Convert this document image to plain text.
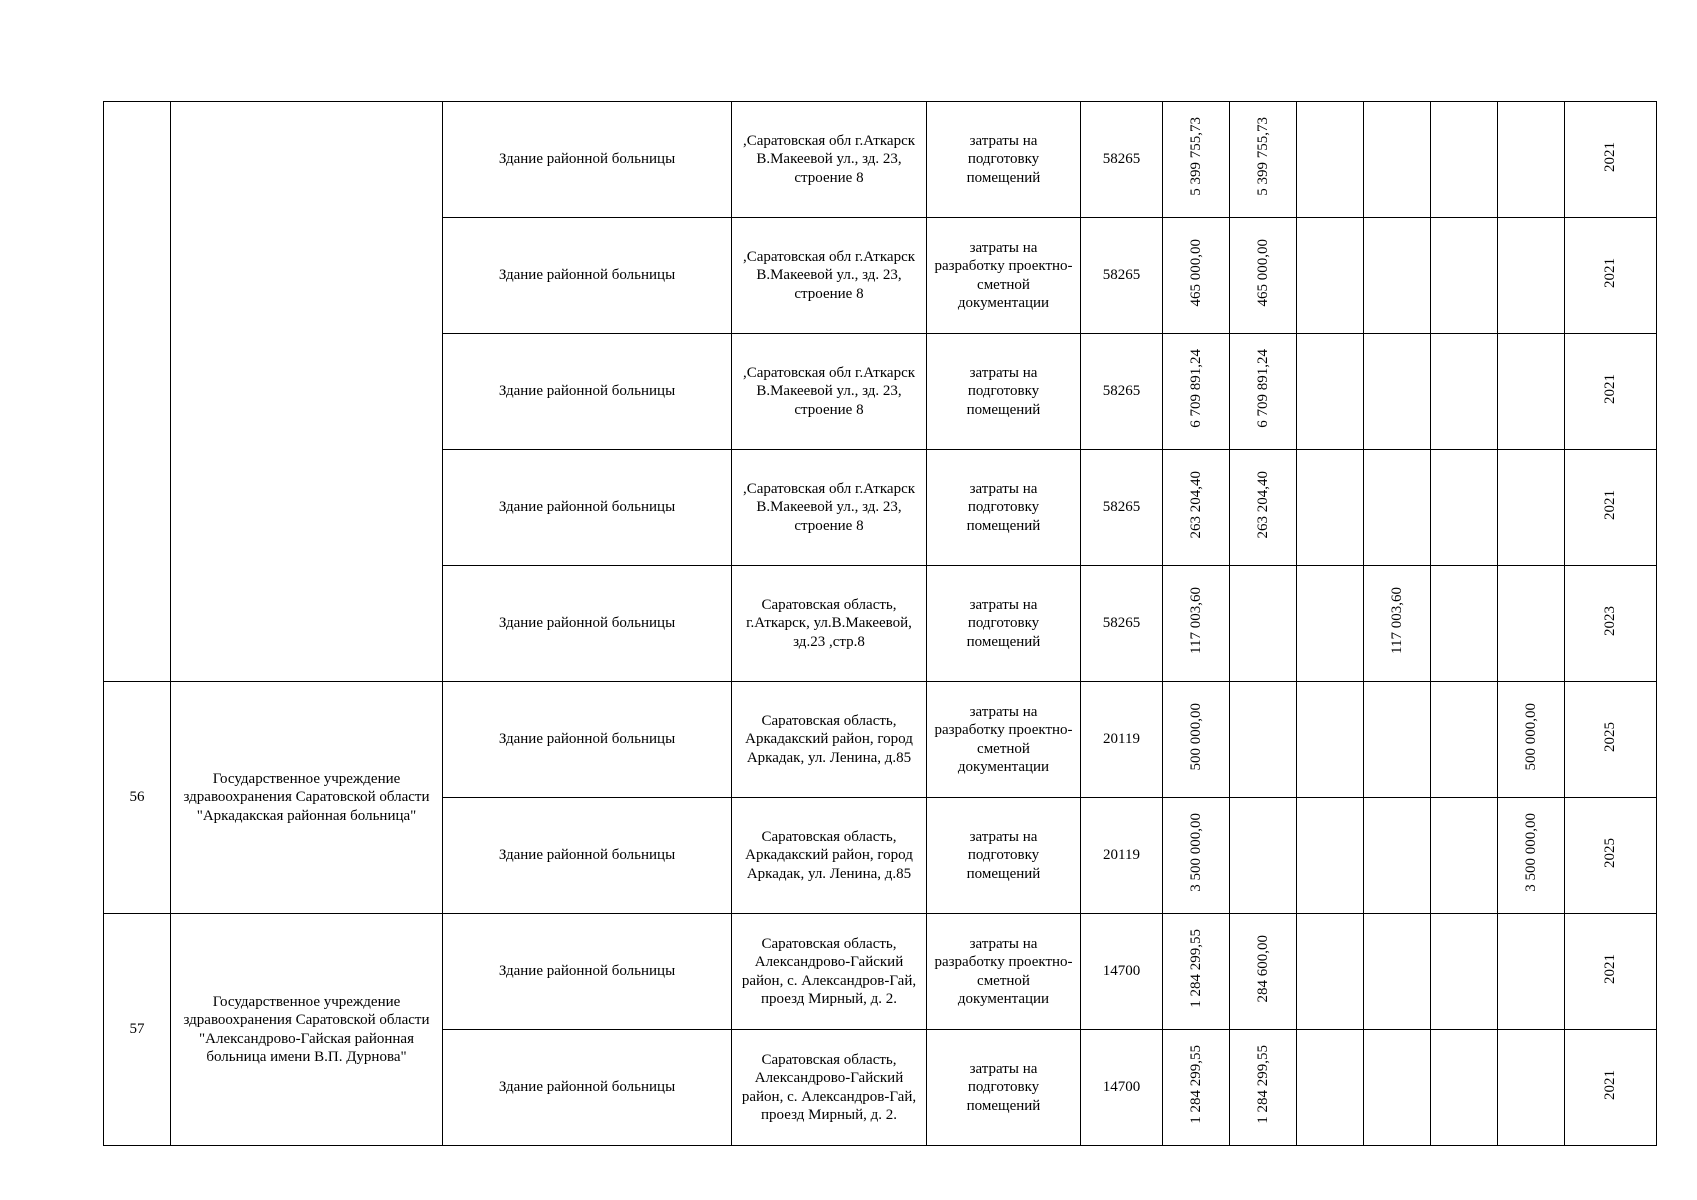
		Здание районной больницы	,Саратовская обл г.Аткарск В.Макеевой ул., зд. 23, строение 8	затраты на подготовку помещений	58265	5 399 755,73	5 399 755,73					2021
		Здание районной больницы	,Саратовская обл г.Аткарск В.Макеевой ул., зд. 23, строение 8	затраты на разработку проектно-сметной документации	58265	465 000,00	465 000,00					2021
		Здание районной больницы	,Саратовская обл г.Аткарск В.Макеевой ул., зд. 23, строение 8	затраты на подготовку помещений	58265	6 709 891,24	6 709 891,24					2021
		Здание районной больницы	,Саратовская обл г.Аткарск В.Макеевой ул., зд. 23, строение 8	затраты на подготовку помещений	58265	263 204,40	263 204,40					2021
		Здание районной больницы	Саратовская область, г.Аткарск, ул.В.Макеевой, зд.23 ,стр.8	затраты на подготовку помещений	58265	117 003,60			117 003,60			2023
56	Государственное учреждение здравоохранения Саратовской области "Аркадакская районная больница"	Здание районной больницы	Саратовская область, Аркадакский район, город Аркадак, ул. Ленина, д.85	затраты на разработку проектно-сметной документации	20119	500 000,00					500 000,00	2025
		Здание районной больницы	Саратовская область, Аркадакский район, город Аркадак, ул. Ленина, д.85	затраты на подготовку помещений	20119	3 500 000,00					3 500 000,00	2025
57	Государственное учреждение здравоохранения Саратовской области "Александрово-Гайская районная больница имени В.П. Дурнова"	Здание районной больницы	Саратовская область, Александрово-Гайский район, с. Александров-Гай, проезд Мирный, д. 2.	затраты на разработку проектно-сметной документации	14700	1 284 299,55	284 600,00					2021
		Здание районной больницы	Саратовская область, Александрово-Гайский район, с. Александров-Гай, проезд Мирный, д. 2.	затраты на подготовку помещений	14700	1 284 299,55	1 284 299,55					2021
